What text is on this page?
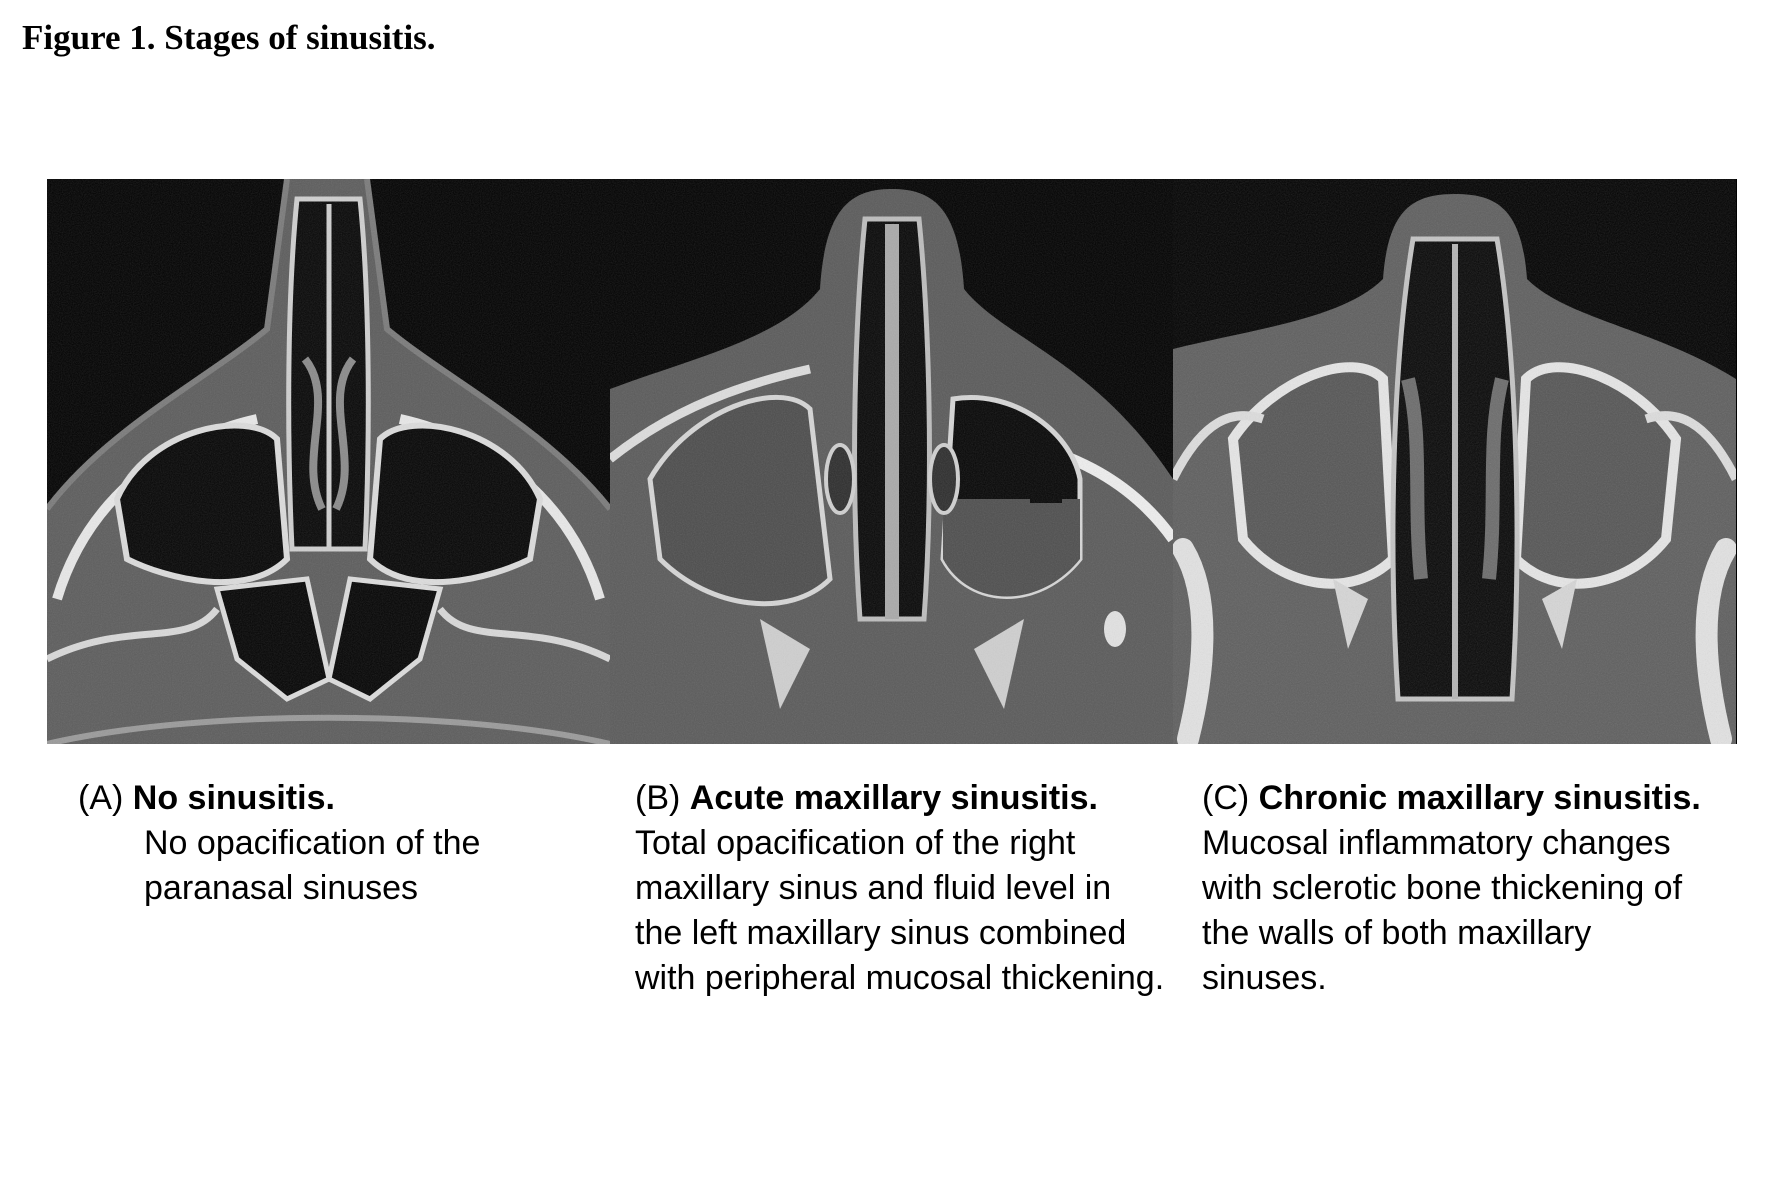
Figure 1. Stages of sinusitis.
(A) No sinusitis.
No opacification of the paranasal sinuses
(B) Acute maxillary sinusitis.
Total opacification of the right maxillary sinus and fluid level in the left maxillary sinus combined with peripheral mucosal thickening.
(C) Chronic maxillary sinusitis.
Mucosal inflammatory changes with sclerotic bone thickening of the walls of both maxillary sinuses.
